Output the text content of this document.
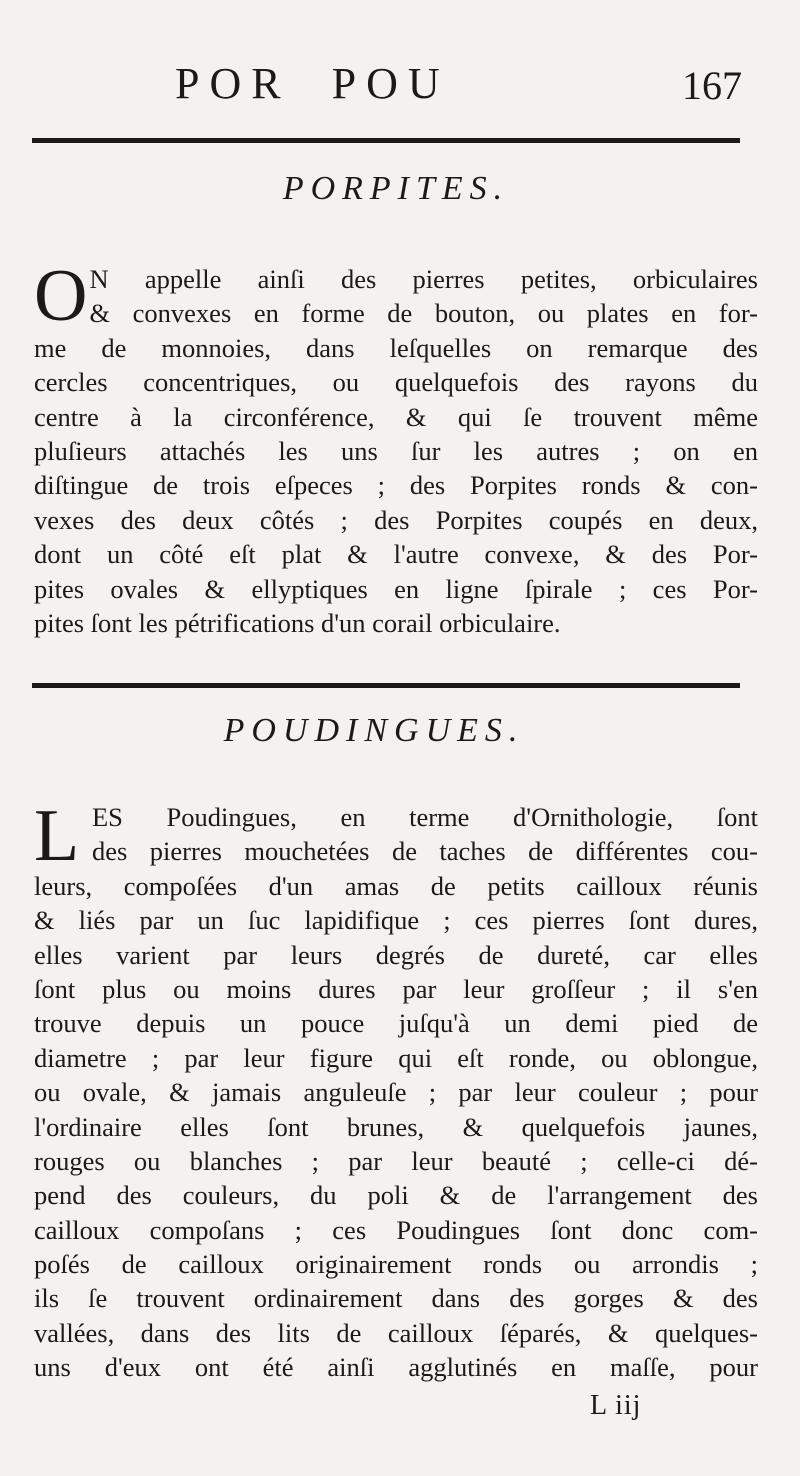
POR POU	167
PORPITES.
O N appelle ainſi des pierres petites, orbiculaires
& convexes en forme de bouton, ou plates en for-
me de monnoies, dans leſquelles on remarque des
cercles concentriques, ou quelquefois des rayons du
centre à la circonférence, & qui ſe trouvent même
pluſieurs attachés les uns ſur les autres ; on en
diſtingue de trois eſpeces ; des Porpites ronds & con-
vexes des deux côtés ; des Porpites coupés en deux,
dont un côté eſt plat & l'autre convexe, & des Por-
pites ovales & ellyptiques en ligne ſpirale ; ces Por-
pites ſont les pétrifications d'un corail orbiculaire.
POUDINGUES.
L ES Poudingues, en terme d'Ornithologie, ſont
des pierres mouchetées de taches de différentes cou-
leurs, compoſées d'un amas de petits cailloux réunis
& liés par un ſuc lapidifique ; ces pierres ſont dures,
elles varient par leurs degrés de dureté, car elles
ſont plus ou moins dures par leur groſſeur ; il s'en
trouve depuis un pouce juſqu'à un demi pied de
diametre ; par leur figure qui eſt ronde, ou oblongue,
ou ovale, & jamais anguleuſe ; par leur couleur ; pour
l'ordinaire elles ſont brunes, & quelquefois jaunes,
rouges ou blanches ; par leur beauté ; celle-ci dé-
pend des couleurs, du poli & de l'arrangement des
cailloux compoſans ; ces Poudingues ſont donc com-
poſés de cailloux originairement ronds ou arrondis ;
ils ſe trouvent ordinairement dans des gorges & des
vallées, dans des lits de cailloux ſéparés, & quelques-
uns d'eux ont été ainſi agglutinés en maſſe, pour
L iij
